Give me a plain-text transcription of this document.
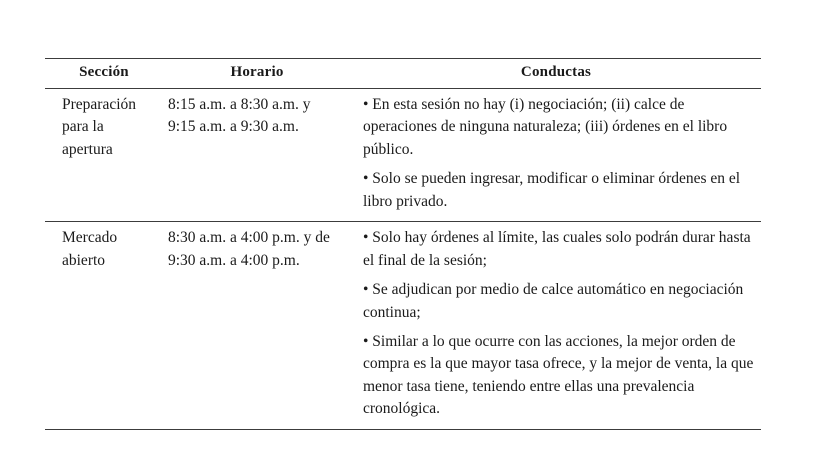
Sección	Horario	Conductas
Preparación para la apertura	8:15 a.m. a 8:30 a.m. y 9:15 a.m. a 9:30 a.m.	• En esta sesión no hay (i) negociación; (ii) calce de operaciones de ninguna naturaleza; (iii) órdenes en el libro público.

• Solo se pueden ingresar, modificar o eliminar órdenes en el libro privado.

Mercado abierto	8:30 a.m. a 4:00 p.m. y de 9:30 a.m. a 4:00 p.m.	• Solo hay órdenes al límite, las cuales solo podrán durar hasta el final de la sesión;

• Se adjudican por medio de calce automático en negociación continua;

• Similar a lo que ocurre con las acciones, la mejor orden de compra es la que mayor tasa ofrece, y la mejor de venta, la que menor tasa tiene, teniendo entre ellas una prevalencia cronológica.
